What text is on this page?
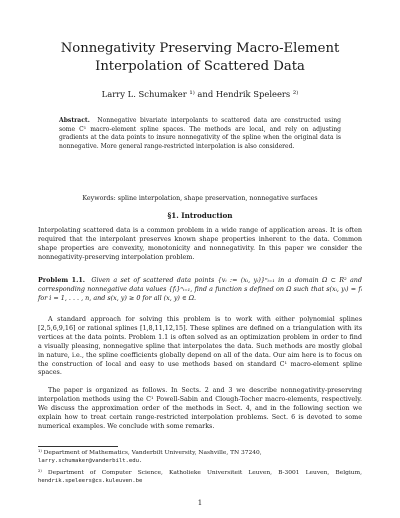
Nonnegativity Preserving Macro-Element Interpolation of Scattered Data
Larry L. Schumaker ¹⁾ and Hendrik Speleers ²⁾
Abstract. Nonnegative bivariate interpolants to scattered data are constructed using some C¹ macro-element spline spaces. The methods are local, and rely on adjusting gradients at the data points to insure nonnegativity of the spline when the original data is nonnegative. More general range-restricted interpolation is also considered.
Keywords: spline interpolation, shape preservation, nonnegative surfaces
§1. Introduction
Interpolating scattered data is a common problem in a wide range of application areas. It is often required that the interpolant preserves known shape properties inherent to the data. Common shape properties are convexity, monotonicity and nonnegativity. In this paper we consider the nonnegativity-preserving interpolation problem.
Problem 1.1. Given a set of scattered data points {vᵢ := (xᵢ, yᵢ)}ⁿᵢ₌₁ in a domain Ω ⊂ R² and corresponding nonnegative data values {fᵢ}ⁿᵢ₌₁, find a function s defined on Ω such that s(xᵢ, yᵢ) = fᵢ for i = 1, . . . , n, and s(x, y) ≥ 0 for all (x, y) ∈ Ω.
A standard approach for solving this problem is to work with either polynomial splines [2,5,6,9,16] or rational splines [1,8,11,12,15]. These splines are defined on a triangulation with its vertices at the data points. Problem 1.1 is often solved as an optimization problem in order to find a visually pleasing, nonnegative spline that interpolates the data. Such methods are mostly global in nature, i.e., the spline coefficients globally depend on all of the data. Our aim here is to focus on the construction of local and easy to use methods based on standard C¹ macro-element spline spaces.
The paper is organized as follows. In Sects. 2 and 3 we describe nonnegativity-preserving interpolation methods using the C¹ Powell-Sabin and Clough-Tocher macro-elements, respectively. We discuss the approximation order of the methods in Sect. 4, and in the following section we explain how to treat certain range-restricted interpolation problems. Sect. 6 is devoted to some numerical examples. We conclude with some remarks.
¹⁾ Department of Mathematics, Vanderbilt University, Nashville, TN 37240,
larry.schumaker@vanderbilt.edu.
²⁾ Department of Computer Science, Katholieke Universiteit Leuven, B-3001 Leuven, Belgium, hendrik.speleers@cs.kuleuven.be
1
